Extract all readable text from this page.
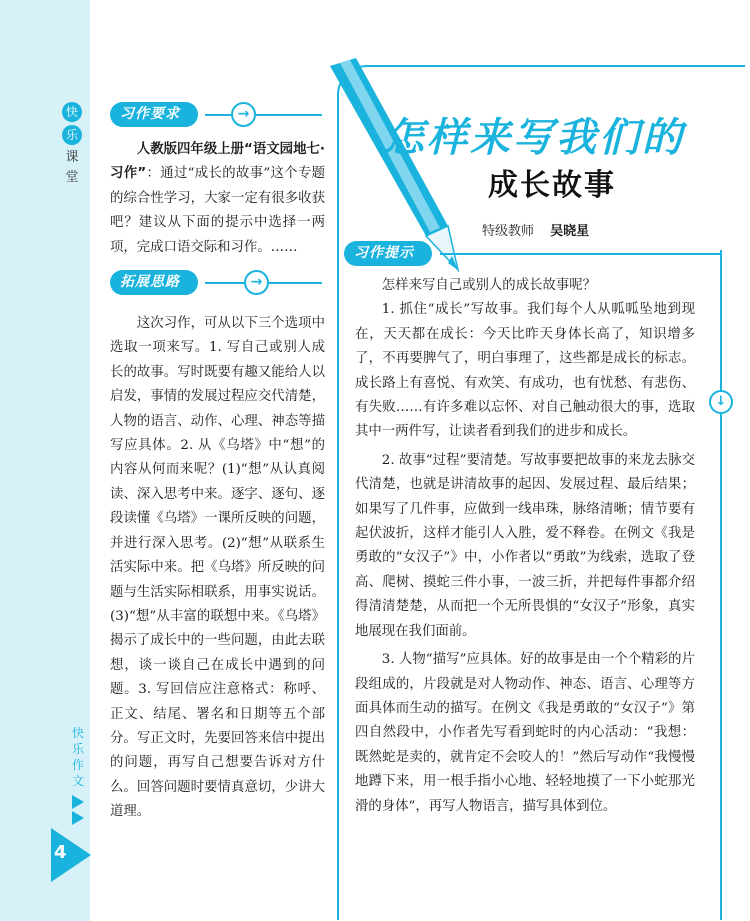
快
乐
课
堂
快
乐
作
文
4
习作要求	→
人教版四年级上册“语文园地七·习作”：通过“成长的故事”这个专题的综合性学习，大家一定有很多收获吧？建议从下面的提示中选择一两项，完成口语交际和习作。……
拓展思路	→
这次习作，可从以下三个选项中选取一项来写。1. 写自己或别人成长的故事。写时既要有趣又能给人以启发，事情的发展过程应交代清楚，人物的语言、动作、心理、神态等描写应具体。2. 从《乌塔》中“想”的内容从何而来呢？(1)“想”从认真阅读、深入思考中来。逐字、逐句、逐段读懂《乌塔》一课所反映的问题，并进行深入思考。(2)“想”从联系生活实际中来。把《乌塔》所反映的问题与生活实际相联系，用事实说话。(3)“想”从丰富的联想中来。《乌塔》揭示了成长中的一些问题，由此去联想，谈一谈自己在成长中遇到的问题。3. 写回信应注意格式：称呼、正文、结尾、署名和日期等五个部分。写正文时，先要回答来信中提出的问题，再写自己想要告诉对方什么。回答问题时要情真意切，少讲大道理。
↓
怎样来写我们的
成长故事
特级教师 吴晓星
习作提示

怎样来写自己或别人的成长故事呢？

1. 抓住“成长”写故事。我们每个人从呱呱坠地到现在，天天都在成长：今天比昨天身体长高了，知识增多了，不再要脾气了，明白事理了，这些都是成长的标志。成长路上有喜悦、有欢笑、有成功，也有忧愁、有悲伤、有失败……有许多难以忘怀、对自己触动很大的事，选取其中一两件写，让读者看到我们的进步和成长。

2. 故事“过程”要清楚。写故事要把故事的来龙去脉交代清楚，也就是讲清故事的起因、发展过程、最后结果；如果写了几件事，应做到一线串珠，脉络清晰；情节要有起伏波折，这样才能引人入胜，爱不释卷。在例文《我是勇敢的“女汉子”》中，小作者以“勇敢”为线索，选取了登高、爬树、摸蛇三件小事，一波三折，并把每件事都介绍得清清楚楚，从而把一个无所畏惧的“女汉子”形象，真实地展现在我们面前。

3. 人物“描写”应具体。好的故事是由一个个精彩的片段组成的，片段就是对人物动作、神态、语言、心理等方面具体而生动的描写。在例文《我是勇敢的“女汉子”》第四自然段中，小作者先写看到蛇时的内心活动：“我想：既然蛇是卖的，就肯定不会咬人的！”然后写动作“我慢慢地蹲下来，用一根手指小心地、轻轻地摸了一下小蛇那光滑的身体”，再写人物语言，描写具体到位。
